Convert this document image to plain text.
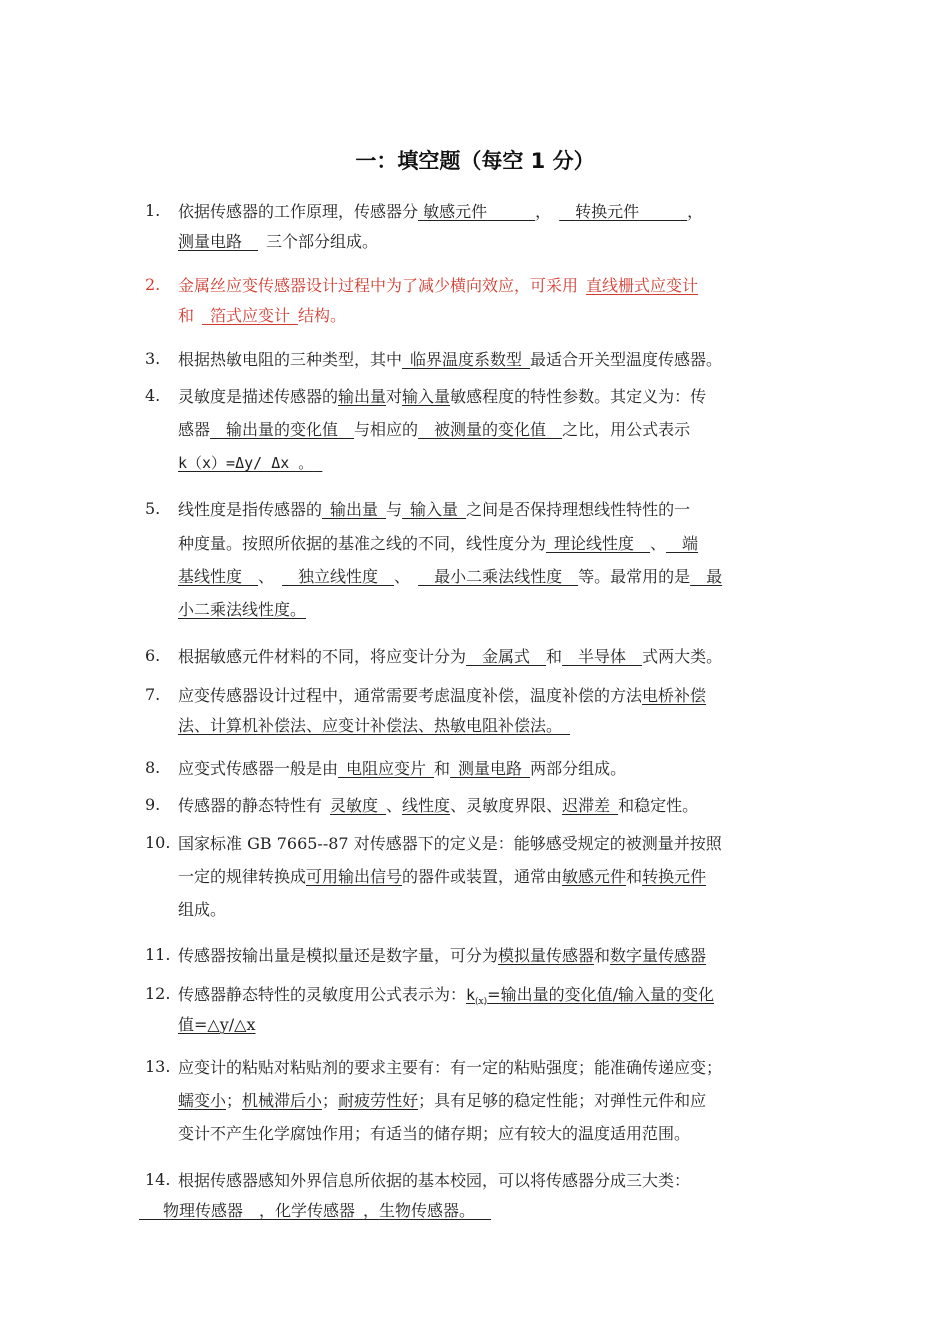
一：填空题（每空 1 分）
1. 依据传感器的工作原理，传感器分 敏感元件   	，   转换元件   	，
测量电路   三个部分组成。
2. 金属丝应变传感器设计过程中为了减少横向效应，可采用  直线栅式应变计
和   箔式应变计  结构。
3. 根据热敏电阻的三种类型，其中  临界温度系数型  最适合开关型温度传感器。
4. 灵敏度是描述传感器的输出量对输入量敏感程度的特性参数。其定义为：传
感器   输出量的变化值   与相应的   被测量的变化值   之比，用公式表示
k（x）=Δy/ Δx 。 
5. 线性度是指传感器的  输出量  与  输入量  之间是否保持理想线性特性的一
种度量。按照所依据的基准之线的不同，线性度分为  理论线性度   、   端
基线性度   、    独立线性度   、    最小二乘法线性度   等。最常用的是   最
小二乘法线性度。
6. 根据敏感元件材料的不同，将应变计分为   金属式   和   半导体   式两大类。
7. 应变传感器设计过程中，通常需要考虑温度补偿，温度补偿的方法电桥补偿
法、计算机补偿法、应变计补偿法、热敏电阻补偿法。 
8. 应变式传感器一般是由  电阻应变片  和  测量电路  两部分组成。
9. 传感器的静态特性有  灵敏度  、线性度、灵敏度界限、迟滞差  和稳定性。
10. 国家标准 GB 7665--87 对传感器下的定义是：能够感受规定的被测量并按照
一定的规律转换成可用输出信号的器件或装置，通常由敏感元件和转换元件
组成。
11. 传感器按输出量是模拟量还是数字量，可分为模拟量传感器和数字量传感器
12. 传感器静态特性的灵敏度用公式表示为：$k_{(x)}=$输出量的变化值/输入量的变化
值=△y/△x
13. 应变计的粘贴对粘贴剂的要求主要有：有一定的粘贴强度；能准确传递应变；
蠕变小；机械滞后小；耐疲劳性好；具有足够的稳定性能；对弹性元件和应
变计不产生化学腐蚀作用；有适当的储存期；应有较大的温度适用范围。
14. 根据传感器感知外界信息所依据的基本校园，可以将传感器分成三大类：
  物理传感器  ，化学传感器  ，生物传感器。  
